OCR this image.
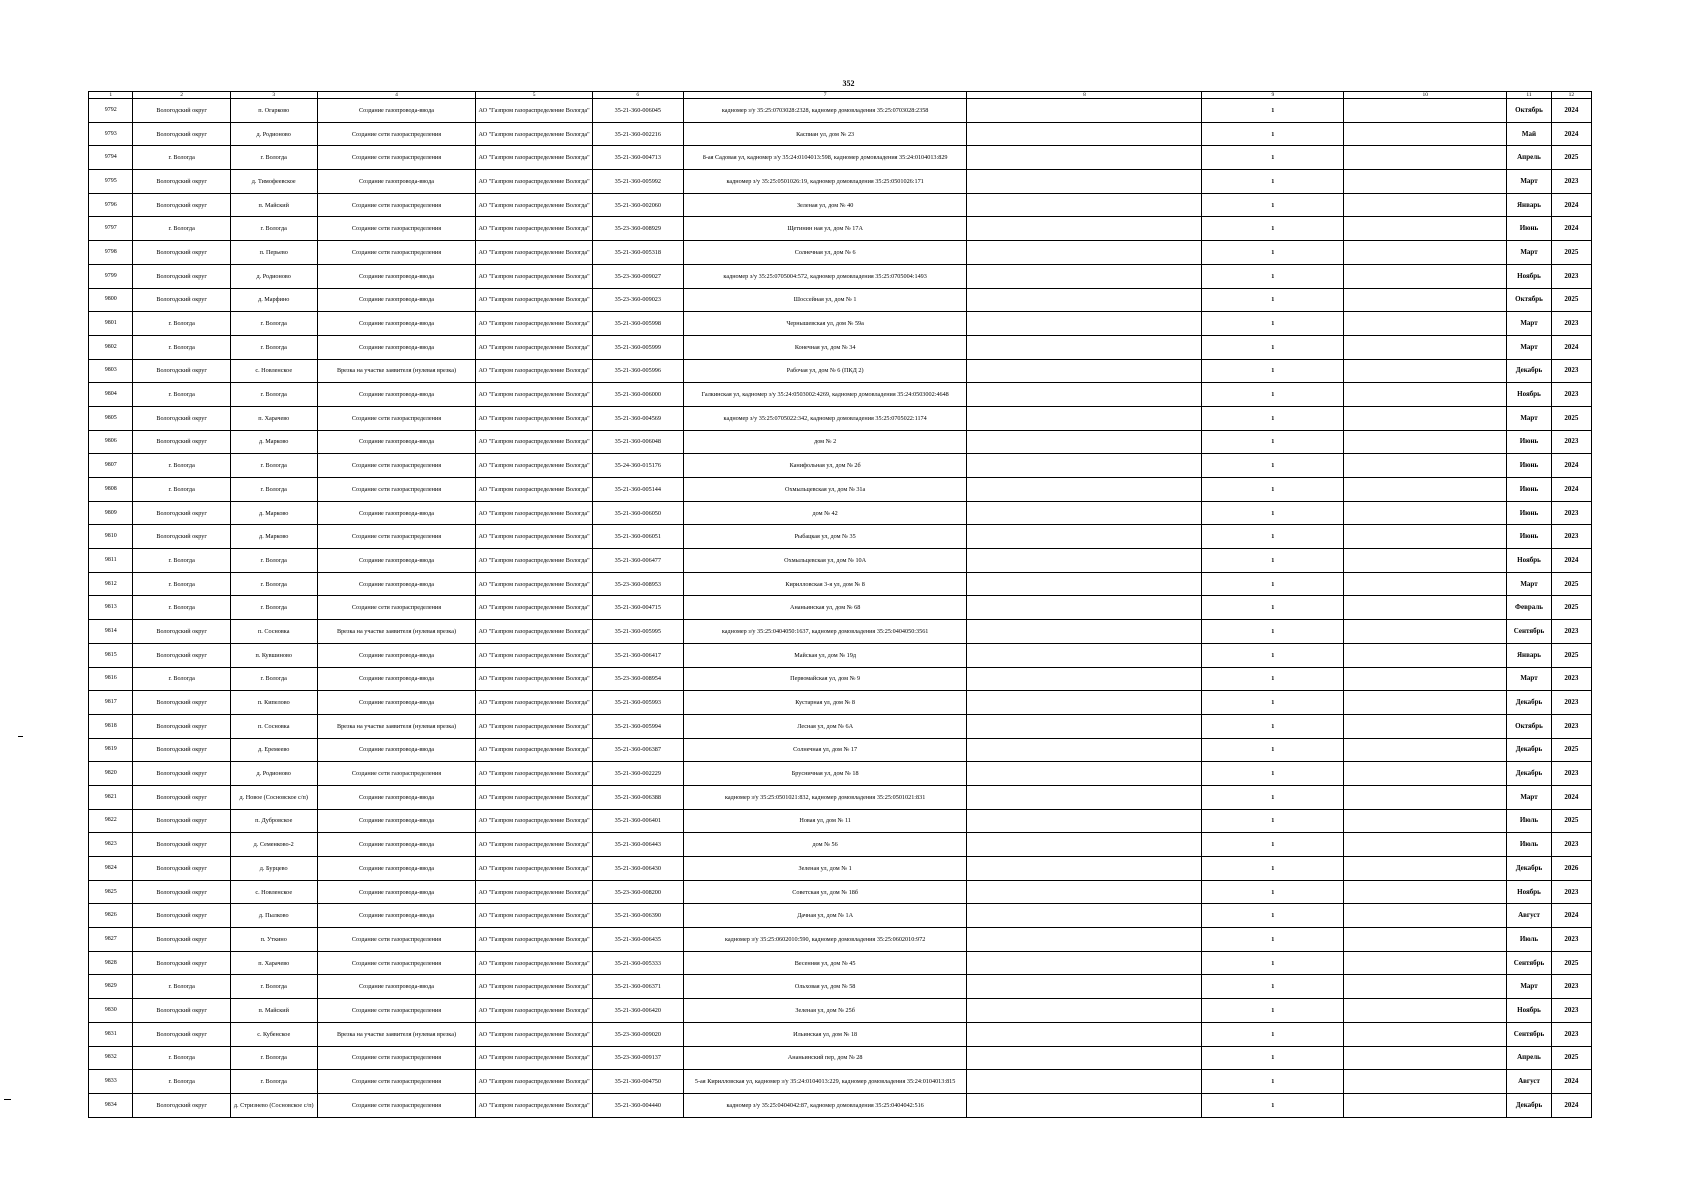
352
1	2	3	4	5	6	7	8	9	10	11	12
9792	Вологодский округ	п. Огарково	Создание газопровода-ввода	АО "Газпром газораспределение Вологда"	35-21-360-006045	кадномер з/у 35:25:0703028:2328, кадномер домовладения 35:25:0703028:2358		1		Октябрь	2024
9793	Вологодский округ	д. Родионово	Создание сети газораспределения	АО "Газпром газораспределение Вологда"	35-21-360-002216	Каспиан ул, дом № 23		1		Май	2024
9794	г. Вологда	г. Вологда	Создание сети газораспределения	АО "Газпром газораспределение Вологда"	35-21-360-004713	8-ая Садовая ул, кадномер з/у 35:24:0104013:598, кадномер домовладения 35:24:0104013:829		1		Апрель	2025
9795	Вологодский округ	д. Тимофеевское	Создание газопровода-ввода	АО "Газпром газораспределение Вологда"	35-21-360-005992	кадномер з/у 35:25:0501026:19, кадномер домовладения 35:25:0501026:171		1		Март	2023
9796	Вологодский округ	п. Майский	Создание сети газораспределения	АО "Газпром газораспределение Вологда"	35-21-360-002060	Зеленая ул, дом № 40		1		Январь	2024
9797	г. Вологда	г. Вологда	Создание сети газораспределения	АО "Газпром газораспределение Вологда"	35-23-360-008929	Щетинин ная ул, дом № 17А		1		Июнь	2024
9798	Вологодский округ	п. Перьево	Создание сети газораспределения	АО "Газпром газораспределение Вологда"	35-21-360-005318	Солнечная ул, дом № 6		1		Март	2025
9799	Вологодский округ	д. Родионово	Создание газопровода-ввода	АО "Газпром газораспределение Вологда"	35-23-360-009027	кадномер з/у 35:25:0705004:572, кадномер домовладения 35:25:0705004:1493		1		Ноябрь	2023
9800	Вологодский округ	д. Марфино	Создание газопровода-ввода	АО "Газпром газораспределение Вологда"	35-23-360-009023	Шоссейная ул, дом № 1		1		Октябрь	2025
9801	г. Вологда	г. Вологда	Создание газопровода-ввода	АО "Газпром газораспределение Вологда"	35-21-360-005998	Чернышевская ул, дом № 59а		1		Март	2023
9802	г. Вологда	г. Вологда	Создание газопровода-ввода	АО "Газпром газораспределение Вологда"	35-21-360-005999	Конечная ул, дом № 34		1		Март	2024
9803	Вологодский округ	с. Новленское	Врезка на участке заявителя (нулевая врезка)	АО "Газпром газораспределение Вологда"	35-21-360-005996	Рабочая ул, дом № 6 (ПКД 2)		1		Декабрь	2023
9804	г. Вологда	г. Вологда	Создание газопровода-ввода	АО "Газпром газораспределение Вологда"	35-21-360-006000	Галкинская ул, кадномер з/у 35:24:0503002:4269, кадномер домовладения 35:24:0503002:4648		1		Ноябрь	2023
9805	Вологодский округ	п. Харачево	Создание сети газораспределения	АО "Газпром газораспределение Вологда"	35-21-360-004569	кадномер з/у 35:25:0705022:342, кадномер домовладения 35:25:0705022:1174		1		Март	2025
9806	Вологодский округ	д. Марково	Создание газопровода-ввода	АО "Газпром газораспределение Вологда"	35-21-360-006048	дом № 2		1		Июнь	2023
9807	г. Вологда	г. Вологда	Создание сети газораспределения	АО "Газпром газораспределение Вологда"	35-24-360-015176	Канифольная ул, дом № 2б		1		Июнь	2024
9808	г. Вологда	г. Вологда	Создание сети газораспределения	АО "Газпром газораспределение Вологда"	35-21-360-005144	Охмыльцевская ул, дом № 31а		1		Июнь	2024
9809	Вологодский округ	д. Марково	Создание газопровода-ввода	АО "Газпром газораспределение Вологда"	35-21-360-006050	дом № 42		1		Июнь	2023
9810	Вологодский округ	д. Марково	Создание сети газораспределения	АО "Газпром газораспределение Вологда"	35-21-360-006051	Рыбацкая ул, дом № 35		1		Июнь	2023
9811	г. Вологда	г. Вологда	Создание газопровода-ввода	АО "Газпром газораспределение Вологда"	35-21-360-006477	Охмыльцевская ул, дом № 10А		1		Ноябрь	2024
9812	г. Вологда	г. Вологда	Создание газопровода-ввода	АО "Газпром газораспределение Вологда"	35-23-360-008953	Кирилловская 3-я ул, дом № 8		1		Март	2025
9813	г. Вологда	г. Вологда	Создание сети газораспределения	АО "Газпром газораспределение Вологда"	35-21-360-004715	Ананьинская ул, дом № 68		1		Февраль	2025
9814	Вологодский округ	п. Сосновка	Врезка на участке заявителя (нулевая врезка)	АО "Газпром газораспределение Вологда"	35-21-360-005995	кадномер з/у 35:25:0404050:1637, кадномер домовладения 35:25:0404050:3561		1		Сентябрь	2023
9815	Вологодский округ	п. Кувшиново	Создание газопровода-ввода	АО "Газпром газораспределение Вологда"	35-21-360-006417	Майская ул, дом № 19д		1		Январь	2025
9816	г. Вологда	г. Вологда	Создание газопровода-ввода	АО "Газпром газораспределение Вологда"	35-23-360-008954	Первомайская ул, дом № 9		1		Март	2023
9817	Вологодский округ	п. Кипелово	Создание газопровода-ввода	АО "Газпром газораспределение Вологда"	35-21-360-005993	Кустарная ул, дом № 8		1		Декабрь	2023
9818	Вологодский округ	п. Сосновка	Врезка на участке заявителя (нулевая врезка)	АО "Газпром газораспределение Вологда"	35-21-360-005994	Лесная ул, дом № 6А		1		Октябрь	2023
9819	Вологодский округ	д. Еремеево	Создание газопровода-ввода	АО "Газпром газораспределение Вологда"	35-21-360-006387	Солнечная ул, дом № 17		1		Декабрь	2025
9820	Вологодский округ	д. Родионово	Создание сети газораспределения	АО "Газпром газораспределение Вологда"	35-21-360-002229	Брусничная ул, дом № 18		1		Декабрь	2023
9821	Вологодский округ	д. Новое (Сосновское с/п)	Создание газопровода-ввода	АО "Газпром газораспределение Вологда"	35-21-360-006388	кадномер з/у 35:25:0501021:832, кадномер домовладения 35:25:0501021:831		1		Март	2024
9822	Вологодский округ	п. Дубровское	Создание газопровода-ввода	АО "Газпром газораспределение Вологда"	35-21-360-006401	Новая ул, дом № 11		1		Июль	2025
9823	Вологодский округ	д. Семенково-2	Создание газопровода-ввода	АО "Газпром газораспределение Вологда"	35-21-360-006443	дом № 56		1		Июль	2023
9824	Вологодский округ	д. Бурцево	Создание газопровода-ввода	АО "Газпром газораспределение Вологда"	35-21-360-006430	Зеленая ул, дом № 1		1		Декабрь	2026
9825	Вологодский округ	с. Новленское	Создание газопровода-ввода	АО "Газпром газораспределение Вологда"	35-23-360-008200	Советская ул, дом № 18б		1		Ноябрь	2023
9826	Вологодский округ	д. Пылково	Создание газопровода-ввода	АО "Газпром газораспределение Вологда"	35-21-360-006390	Дачная ул, дом № 1А		1		Август	2024
9827	Вологодский округ	п. Уткино	Создание сети газораспределения	АО "Газпром газораспределение Вологда"	35-21-360-006435	кадномер з/у 35:25:0602010:590, кадномер домовладения 35:25:0602010:972		1		Июль	2023
9828	Вологодский округ	п. Харачево	Создание сети газораспределения	АО "Газпром газораспределение Вологда"	35-21-360-005333	Весенняя ул, дом № 45		1		Сентябрь	2025
9829	г. Вологда	г. Вологда	Создание газопровода-ввода	АО "Газпром газораспределение Вологда"	35-21-360-006371	Ольховая ул, дом № 58		1		Март	2023
9830	Вологодский округ	п. Майский	Создание сети газораспределения	АО "Газпром газораспределение Вологда"	35-21-360-006420	Зеленая ул, дом № 25б		1		Ноябрь	2023
9831	Вологодский округ	с. Кубенское	Врезка на участке заявителя (нулевая врезка)	АО "Газпром газораспределение Вологда"	35-23-360-009020	Ильинская ул, дом № 18		1		Сентябрь	2023
9832	г. Вологда	г. Вологда	Создание сети газораспределения	АО "Газпром газораспределение Вологда"	35-23-360-009137	Ананьинский пер, дом № 28		1		Апрель	2025
9833	г. Вологда	г. Вологда	Создание сети газораспределения	АО "Газпром газораспределение Вологда"	35-21-360-004750	5-ая Кирилловская ул, кадномер з/у 35:24:0104013:229, кадномер домовладения 35:24:0104013:815		1		Август	2024
9834	Вологодский округ	д. Стризнево (Сосновское с/п)	Создание сети газораспределения	АО "Газпром газораспределение Вологда"	35-21-360-004440	кадномер з/у 35:25:0404042:87, кадномер домовладения 35:25:0404042:516		1		Декабрь	2024
